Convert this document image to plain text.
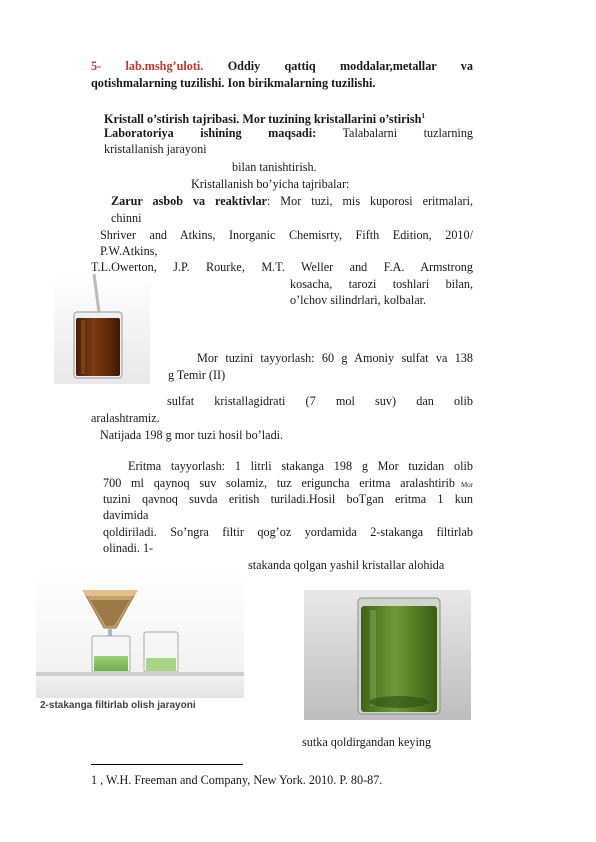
5- lab.mshg’uloti. Oddiy qattiq moddalar,metallar va
qotishmalarning tuzilishi. Ion birikmalarning tuzilishi.
Kristall o’stirish tajribasi. Mor tuzining kristallarini o’stirish$^1$
Laboratoriya ishining maqsadi: Talabalarni tuzlarning
kristallanish jarayoni
bilan tanishtirish.
Kristallanish bo’yicha tajribalar:
Zarur asbob va reaktivlar: Mor tuzi, mis kuporosi eritmalari,
chinni
Shriver and Atkins, Inorganic Chemisrty, Fifth Edition, 2010/
P.W.Atkins,
T.L.Owerton, J.P. Rourke, M.T. Weller and F.A. Armstrong
kosacha, tarozi toshlari bilan,
o’lchov silindrlari, kolbalar.
Mor tuzini tayyorlash: 60 g Amoniy sulfat va 138
g Temir (II)
sulfat kristallagidrati (7 mol suv) dan olib
aralashtramiz.
Natijada 198 g mor tuzi hosil bo’ladi.
Eritma tayyorlash: 1 litrli stakanga 198 g Mor tuzidan olib
700 ml qaynoq suv solamiz, tuz eriguncha eritma aralashtirib Mor
tuzini qavnoq suvda eritish turiladi.Hosil boTgan eritma 1 kun
davimida
qoldiriladi. So’ngra filtir qog’oz yordamida 2-stakanga filtirlab
olinadi. 1-
stakanda qolgan yashil kristallar alohida
2-stakanga filtirlab olish jarayoni
sutka qoldirgandan keying
1 , W.H. Freeman and Company, New York. 2010. P. 80-87.
